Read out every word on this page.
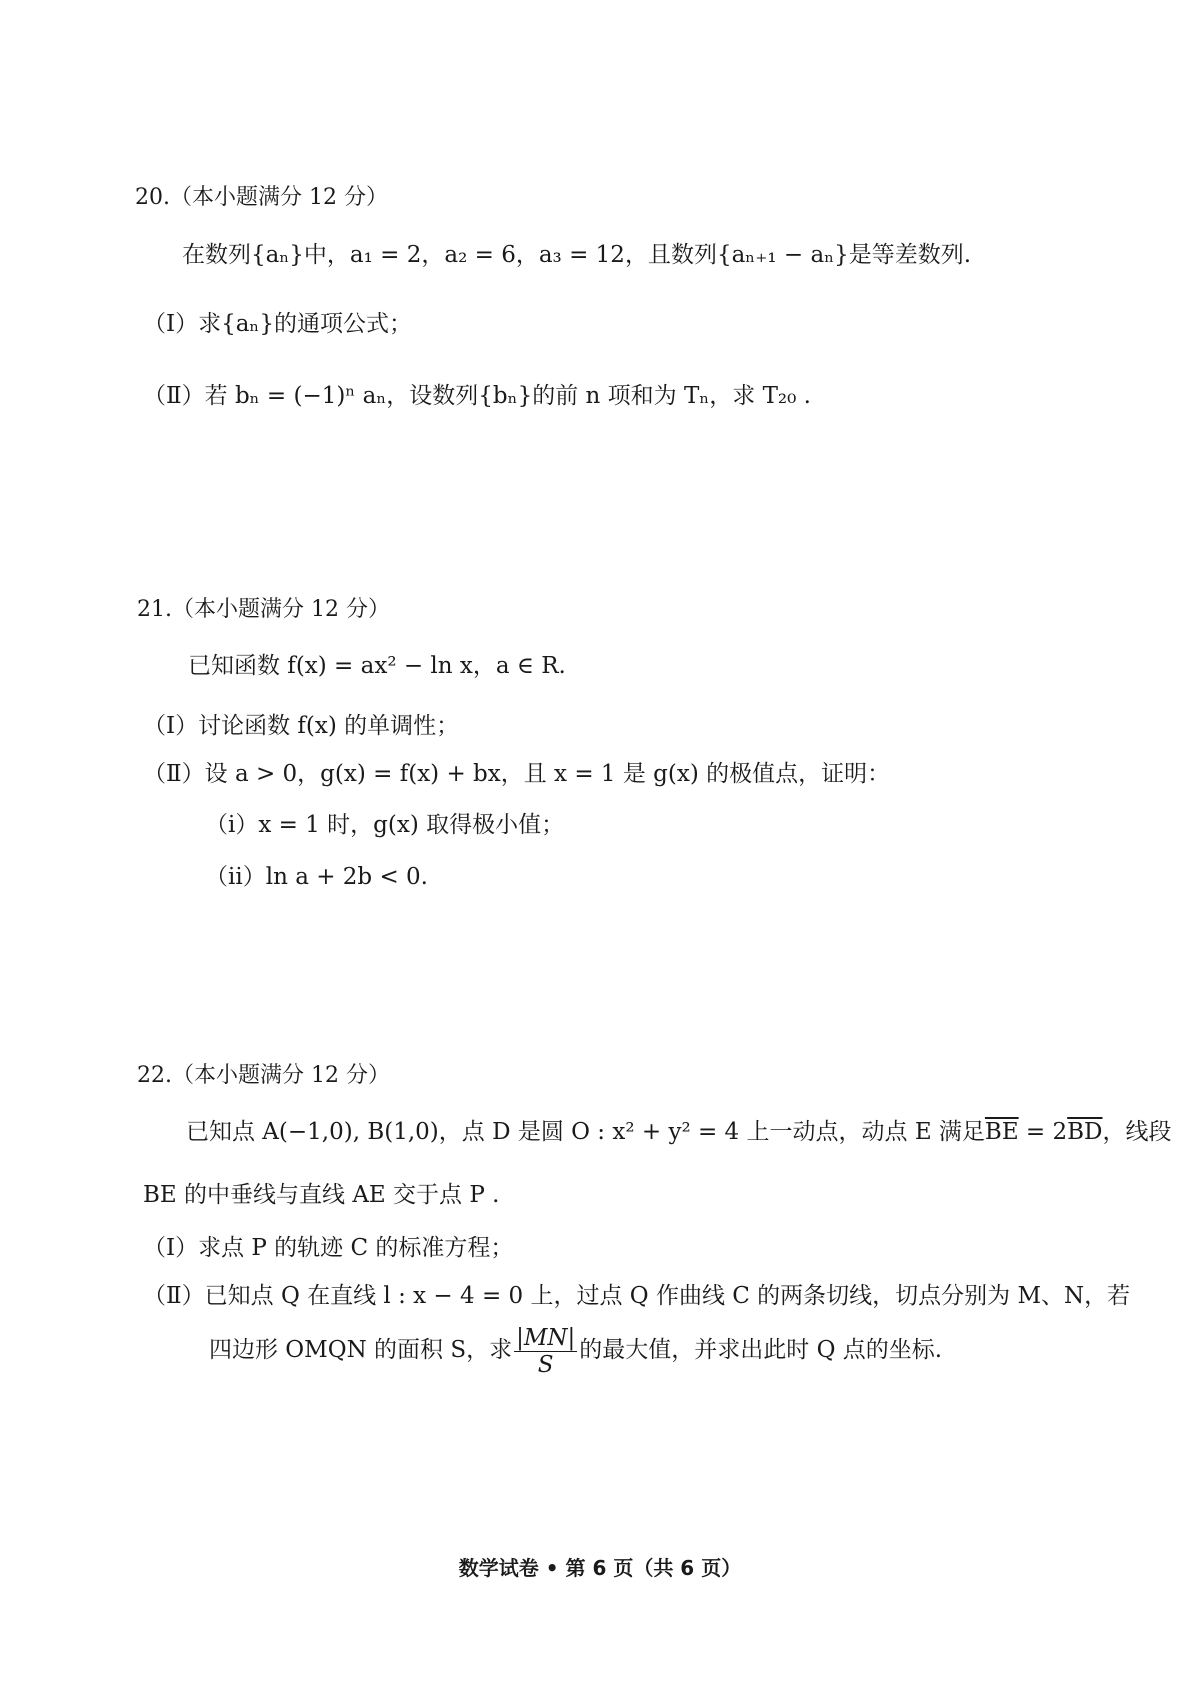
20.（本小题满分 12 分）
在数列{aₙ}中，a₁ = 2，a₂ = 6，a₃ = 12，且数列{aₙ₊₁ − aₙ}是等差数列.
（Ⅰ）求{aₙ}的通项公式；
（Ⅱ）若 bₙ = (−1)ⁿ aₙ，设数列{bₙ}的前 n 项和为 Tₙ，求 T₂₀ .
21.（本小题满分 12 分）
已知函数 f(x) = ax² − ln x，a ∈ R.
（Ⅰ）讨论函数 f(x) 的单调性；
（Ⅱ）设 a > 0，g(x) = f(x) + bx，且 x = 1 是 g(x) 的极值点，证明：
（i）x = 1 时，g(x) 取得极小值；
（ii）ln a + 2b < 0.
22.（本小题满分 12 分）
已知点 A(−1,0), B(1,0)，点 D 是圆 O : x² + y² = 4 上一动点，动点 E 满足$\overline{BE} = 2\overline{BD}$，线段
BE 的中垂线与直线 AE 交于点 P .
（Ⅰ）求点 P 的轨迹 C 的标准方程；
（Ⅱ）已知点 Q 在直线 l : x − 4 = 0 上，过点 Q 作曲线 C 的两条切线，切点分别为 M、N，若
四边形 OMQN 的面积 S，求 $\frac{|MN|}{S}$ 的最大值，并求出此时 Q 点的坐标.
数学试卷 • 第 6 页（共 6 页）
